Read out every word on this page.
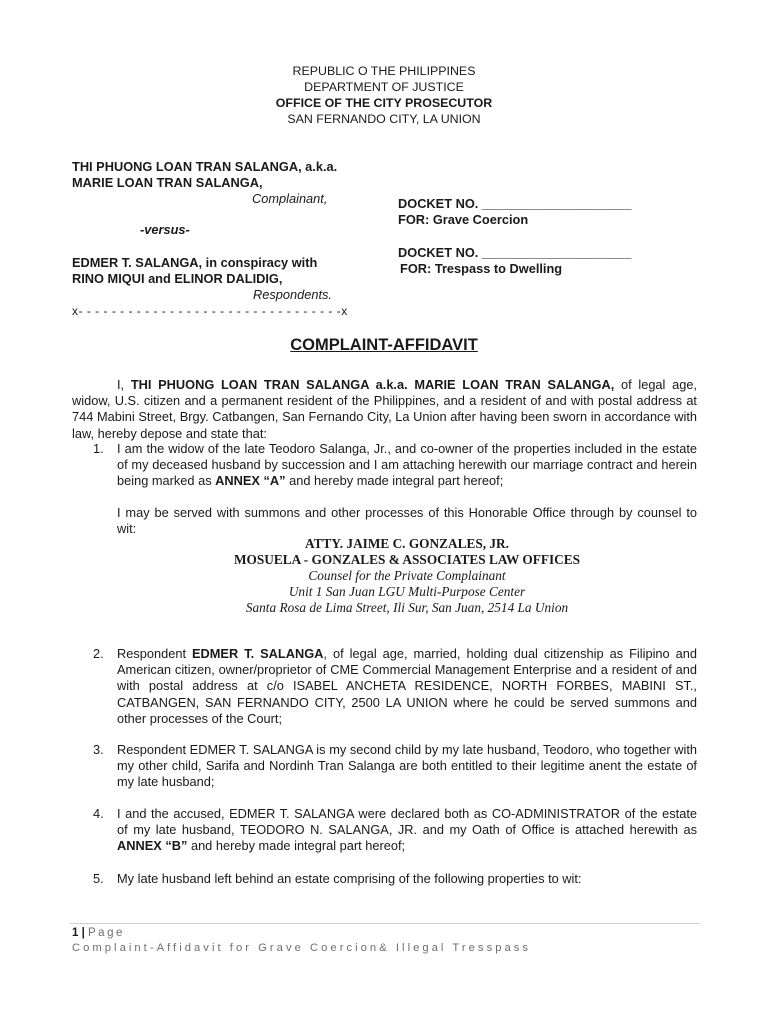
REPUBLIC O THE PHILIPPINES
DEPARTMENT OF JUSTICE
OFFICE OF THE CITY PROSECUTOR
SAN FERNANDO CITY, LA UNION
THI PHUONG LOAN TRAN SALANGA, a.k.a.
MARIE LOAN TRAN SALANGA,
Complainant,
-versus-
EDMER T. SALANGA, in conspiracy with
RINO MIQUI and ELINOR DALIDIG,
Respondents.
x- - - - - - - - - - - - - - - - - - - - - - - - - - - - - - - -x
DOCKET NO. _____________________
FOR: Grave Coercion
DOCKET NO. _____________________
FOR: Trespass to Dwelling
COMPLAINT-AFFIDAVIT
I, THI PHUONG LOAN TRAN SALANGA a.k.a. MARIE LOAN TRAN SALANGA, of legal age, widow, U.S. citizen and a permanent resident of the Philippines, and a resident of and with postal address at 744 Mabini Street, Brgy. Catbangen, San Fernando City, La Union after having been sworn in accordance with law, hereby depose and state that:
1. I am the widow of the late Teodoro Salanga, Jr., and co-owner of the properties included in the estate of my deceased husband by succession and I am attaching herewith our marriage contract and herein being marked as ANNEX “A” and hereby made integral part hereof;
I may be served with summons and other processes of this Honorable Office through by counsel to wit:
ATTY. JAIME C. GONZALES, JR.
MOSUELA - GONZALES & ASSOCIATES LAW OFFICES
Counsel for the Private Complainant
Unit 1 San Juan LGU Multi-Purpose Center
Santa Rosa de Lima Street, Ili Sur, San Juan, 2514 La Union
2. Respondent EDMER T. SALANGA, of legal age, married, holding dual citizenship as Filipino and American citizen, owner/proprietor of CME Commercial Management Enterprise and a resident of and with postal address at c/o ISABEL ANCHETA RESIDENCE, NORTH FORBES, MABINI ST., CATBANGEN, SAN FERNANDO CITY, 2500 LA UNION where he could be served summons and other processes of the Court;
3. Respondent EDMER T. SALANGA is my second child by my late husband, Teodoro, who together with my other child, Sarifa and Nordinh Tran Salanga are both entitled to their legitime anent the estate of my late husband;
4. I and the accused, EDMER T. SALANGA were declared both as CO-ADMINISTRATOR of the estate of my late husband, TEODORO N. SALANGA, JR. and my Oath of Office is attached herewith as ANNEX “B” and hereby made integral part hereof;
5. My late husband left behind an estate comprising of the following properties to wit:
1 | Page
Complaint-Affidavit for Grave Coercion& Illegal Tresspass
